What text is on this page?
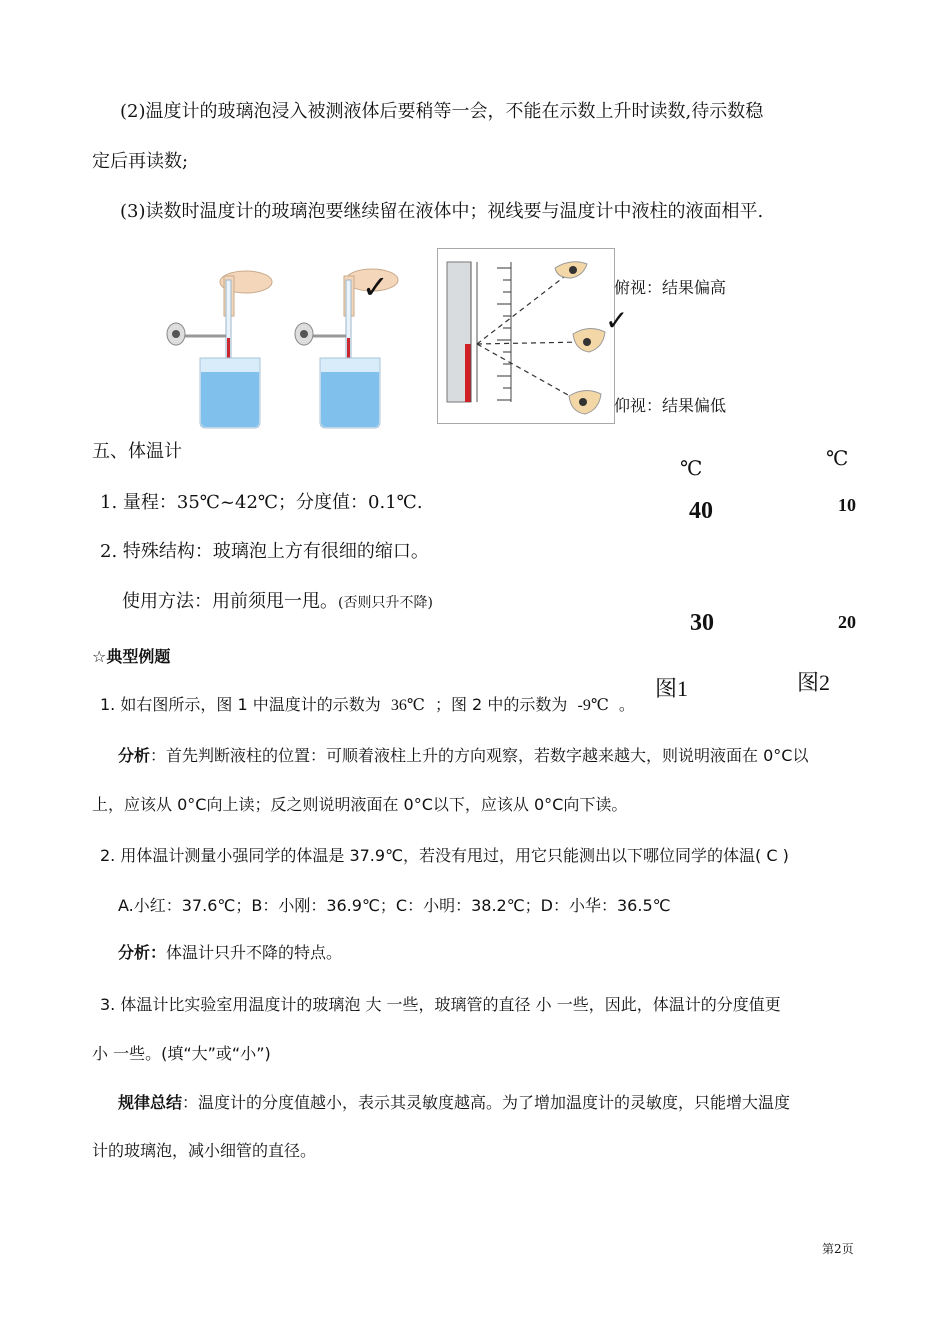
(2)温度计的玻璃泡浸入被测液体后要稍等一会，不能在示数上升时读数,待示数稳
定后再读数;
(3)读数时温度计的玻璃泡要继续留在液体中；视线要与温度计中液柱的液面相平.
✓	俯视：结果偏高
✓
仰视：结果偏低
五、体温计
1. 量程：35℃~42℃；分度值：0.1℃.
2. 特殊结构：玻璃泡上方有很细的缩口。
使用方法：用前须甩一甩。(否则只升不降)
℃	℃
40	10
30	20
图1	图2
☆典型例题
1. 如右图所示，图 1 中温度计的示数为 36℃ ；图 2 中的示数为 -9℃ 。
分析：首先判断液柱的位置：可顺着液柱上升的方向观察，若数字越来越大，则说明液面在 0°C以
上，应该从 0°C向上读；反之则说明液面在 0°C以下，应该从 0°C向下读。
2. 用体温计测量小强同学的体温是 37.9℃，若没有甩过，用它只能测出以下哪位同学的体温( C )
A.小红：37.6℃；B：小刚：36.9℃；C：小明：38.2℃；D：小华：36.5℃
分析：体温计只升不降的特点。
3. 体温计比实验室用温度计的玻璃泡 大 一些，玻璃管的直径 小 一些，因此，体温计的分度值更
小 一些。(填“大”或“小”)
规律总结：温度计的分度值越小，表示其灵敏度越高。为了增加温度计的灵敏度，只能增大温度
计的玻璃泡，减小细管的直径。
第2页
